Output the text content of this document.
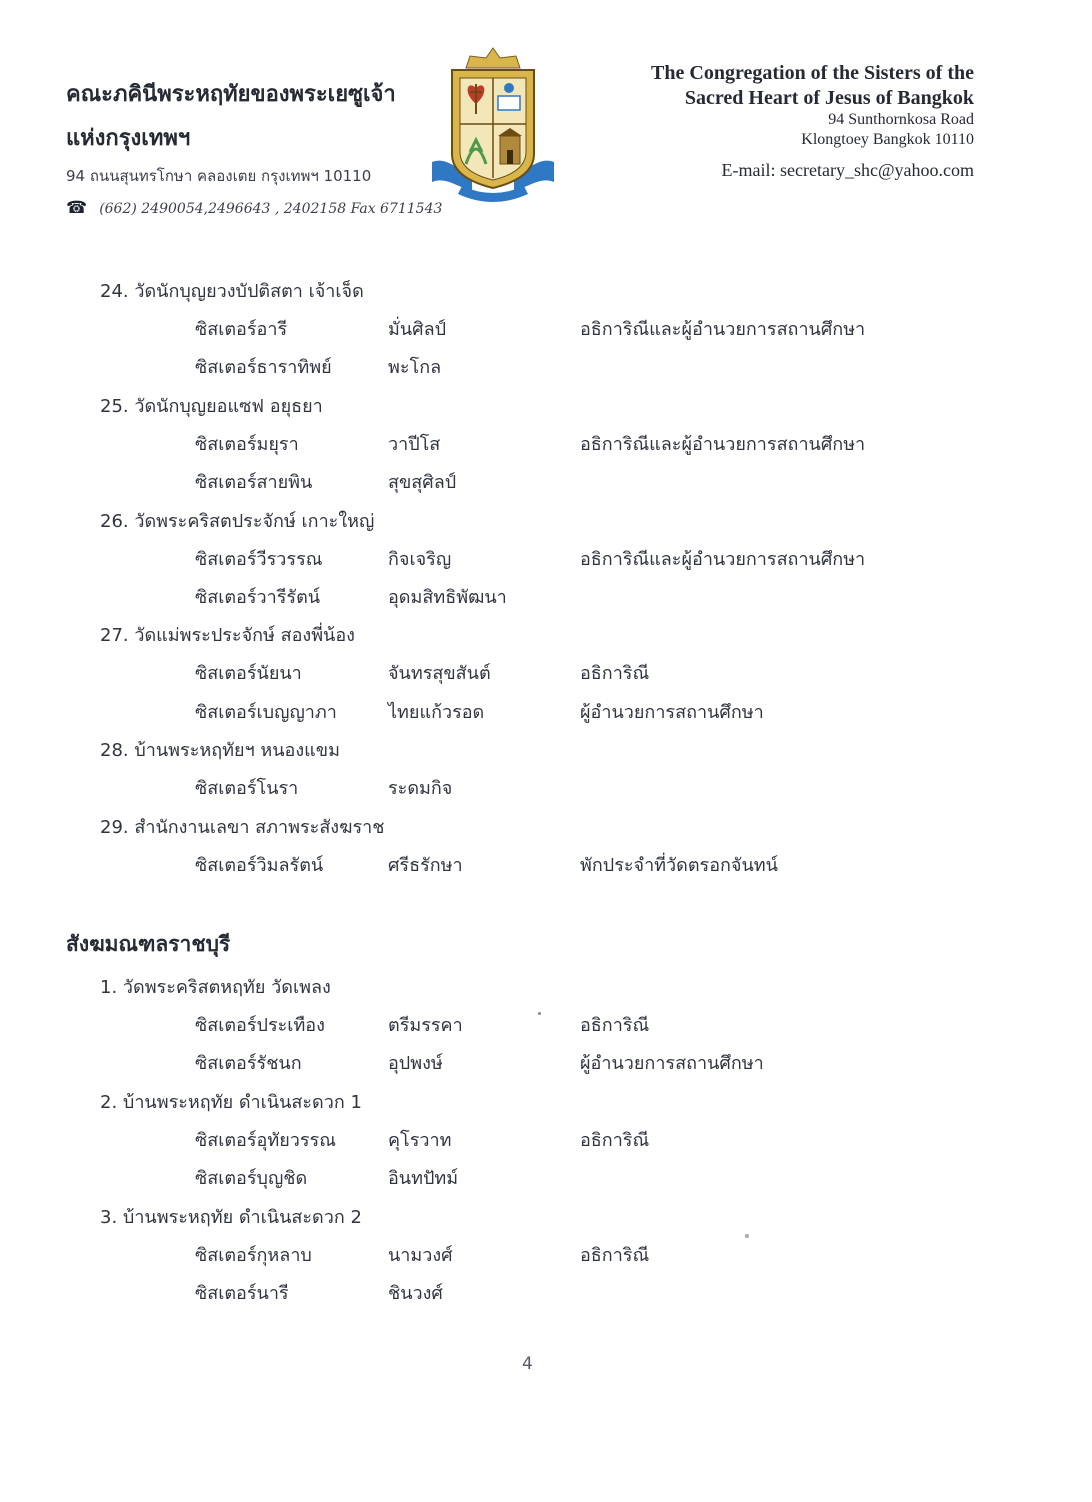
คณะภคินีพระหฤทัยของพระเยซูเจ้า
แห่งกรุงเทพฯ
94 ถนนสุนทรโกษา คลองเตย กรุงเทพฯ 10110
☎ (662) 2490054,2496643 , 2402158 Fax 6711543
The Congregation of the Sisters of the
Sacred Heart of Jesus of Bangkok
94 Sunthornkosa Road
Klongtoey Bangkok 10110
E-mail: secretary_shc@yahoo.com
24. วัดนักบุญยวงบัปติสตา เจ้าเจ็ด
ซิสเตอร์อารี	มั่นศิลป์	อธิการิณีและผู้อำนวยการสถานศึกษา
ซิสเตอร์ธาราทิพย์	พะโกล
25. วัดนักบุญยอแซฟ อยุธยา
ซิสเตอร์มยุรา	วาปีโส	อธิการิณีและผู้อำนวยการสถานศึกษา
ซิสเตอร์สายพิน	สุขสุศิลป์
26. วัดพระคริสตประจักษ์ เกาะใหญ่
ซิสเตอร์วีรวรรณ	กิจเจริญ	อธิการิณีและผู้อำนวยการสถานศึกษา
ซิสเตอร์วารีรัตน์	อุดมสิทธิพัฒนา
27. วัดแม่พระประจักษ์ สองพี่น้อง
ซิสเตอร์นัยนา	จันทรสุขสันต์	อธิการิณี
ซิสเตอร์เบญญาภา	ไทยแก้วรอด	ผู้อำนวยการสถานศึกษา
28. บ้านพระหฤทัยฯ หนองแขม
ซิสเตอร์โนรา	ระดมกิจ
29. สำนักงานเลขา สภาพระสังฆราช
ซิสเตอร์วิมลรัตน์	ศรีธรักษา	พักประจำที่วัดตรอกจันทน์
สังฆมณฑลราชบุรี
1. วัดพระคริสตหฤทัย วัดเพลง
ซิสเตอร์ประเทือง	ตรีมรรคา	อธิการิณี
ซิสเตอร์รัชนก	อุปพงษ์	ผู้อำนวยการสถานศึกษา
2. บ้านพระหฤทัย ดำเนินสะดวก 1
ซิสเตอร์อุทัยวรรณ	คุโรวาท	อธิการิณี
ซิสเตอร์บุญชิด	อินทปัทม์
3. บ้านพระหฤทัย ดำเนินสะดวก 2
ซิสเตอร์กุหลาบ	นามวงศ์	อธิการิณี
ซิสเตอร์นารี	ชินวงศ์
4
